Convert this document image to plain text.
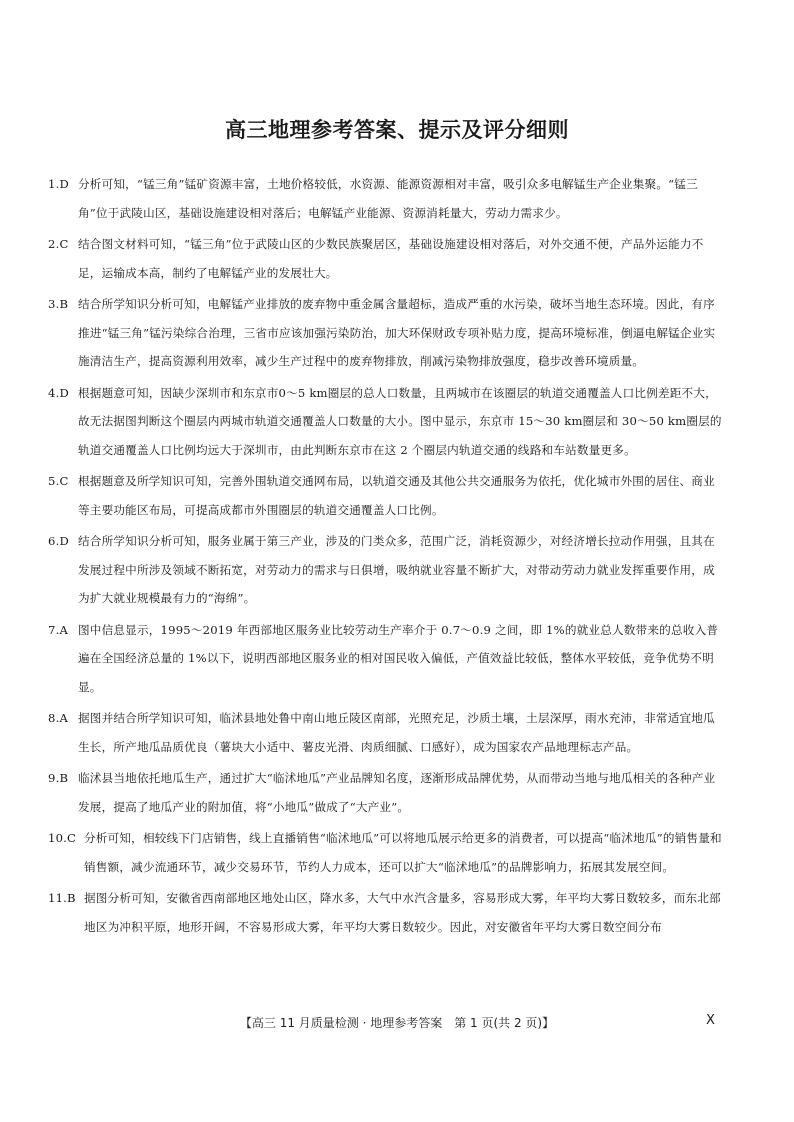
高三地理参考答案、提示及评分细则
1.D 分析可知，“锰三角”锰矿资源丰富，土地价格较低，水资源、能源资源相对丰富，吸引众多电解锰生产企业集聚。“锰三角”位于武陵山区，基础设施建设相对落后；电解锰产业能源、资源消耗量大，劳动力需求少。
2.C 结合图文材料可知，“锰三角”位于武陵山区的少数民族聚居区，基础设施建设相对落后，对外交通不便，产品外运能力不足，运输成本高，制约了电解锰产业的发展壮大。
3.B 结合所学知识分析可知，电解锰产业排放的废弃物中重金属含量超标，造成严重的水污染，破坏当地生态环境。因此，有序推进“锰三角”锰污染综合治理，三省市应该加强污染防治，加大环保财政专项补贴力度，提高环境标准，倒逼电解锰企业实施清洁生产，提高资源利用效率，减少生产过程中的废弃物排放，削减污染物排放强度，稳步改善环境质量。
4.D 根据题意可知，因缺少深圳市和东京市0～5 km圈层的总人口数量，且两城市在该圈层的轨道交通覆盖人口比例差距不大，故无法据图判断这个圈层内两城市轨道交通覆盖人口数量的大小。图中显示，东京市 15～30 km圈层和 30～50 km圈层的轨道交通覆盖人口比例均远大于深圳市，由此判断东京市在这 2 个圈层内轨道交通的线路和车站数量更多。
5.C 根据题意及所学知识可知，完善外围轨道交通网布局，以轨道交通及其他公共交通服务为依托，优化城市外围的居住、商业等主要功能区布局，可提高成都市外围圈层的轨道交通覆盖人口比例。
6.D 结合所学知识分析可知，服务业属于第三产业，涉及的门类众多，范围广泛，消耗资源少，对经济增长拉动作用强，且其在发展过程中所涉及领域不断拓宽，对劳动力的需求与日俱增，吸纳就业容量不断扩大，对带动劳动力就业发挥重要作用，成为扩大就业规模最有力的“海绵”。
7.A 图中信息显示，1995～2019 年西部地区服务业比较劳动生产率介于 0.7～0.9 之间，即 1%的就业总人数带来的总收入普遍在全国经济总量的 1%以下，说明西部地区服务业的相对国民收入偏低，产值效益比较低，整体水平较低，竞争优势不明显。
8.A 据图并结合所学知识可知，临沭县地处鲁中南山地丘陵区南部，光照充足，沙质土壤，土层深厚，雨水充沛，非常适宜地瓜生长，所产地瓜品质优良（薯块大小适中、薯皮光滑、肉质细腻、口感好），成为国家农产品地理标志产品。
9.B 临沭县当地依托地瓜生产，通过扩大“临沭地瓜”产业品牌知名度，逐渐形成品牌优势，从而带动当地与地瓜相关的各种产业发展，提高了地瓜产业的附加值，将“小地瓜”做成了“大产业”。
10.C 分析可知，相较线下门店销售，线上直播销售“临沭地瓜”可以将地瓜展示给更多的消费者，可以提高“临沭地瓜”的销售量和销售额，减少流通环节，减少交易环节，节约人力成本，还可以扩大“临沭地瓜”的品牌影响力，拓展其发展空间。
11.B 据图分析可知，安徽省西南部地区地处山区，降水多，大气中水汽含量多，容易形成大雾，年平均大雾日数较多，而东北部地区为冲积平原，地形开阔，不容易形成大雾，年平均大雾日数较少。因此，对安徽省年平均大雾日数空间分布
【高三 11 月质量检测 · 地理参考答案　第 1 页(共 2 页)】	X
